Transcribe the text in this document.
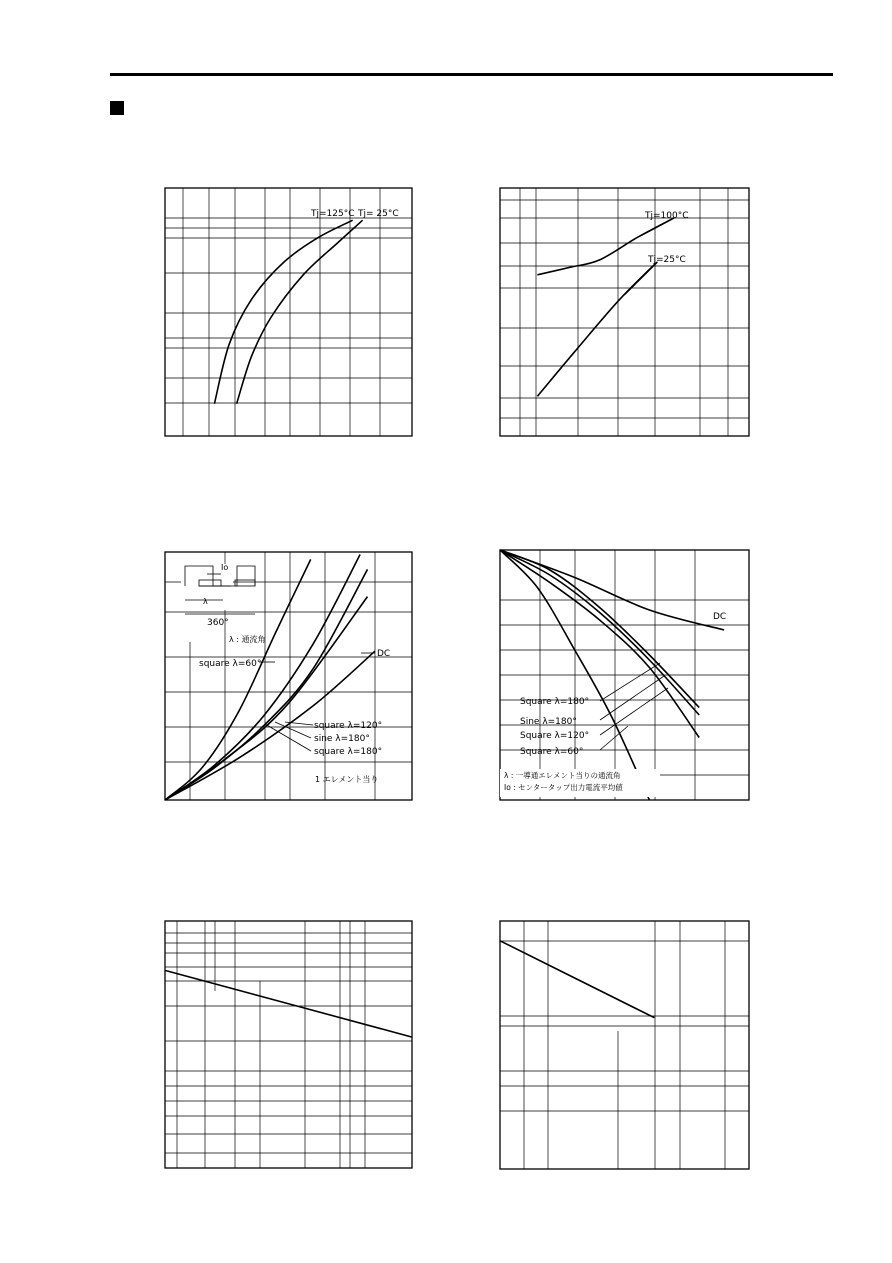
Tj=125°C Tj= 25°C	Tj=100°C
Tj=25°C
Io
λ
360°
λ : 通流角
square λ=60°
DC
square λ=120°
sine λ=180°
square λ=180°
1 エレメント当り
DC
Square λ=180°
Sine λ=180°
Square λ=120°
Square λ=60°
λ : 一導通エレメント当りの通流角
Io : センタータップ出力電流平均値
